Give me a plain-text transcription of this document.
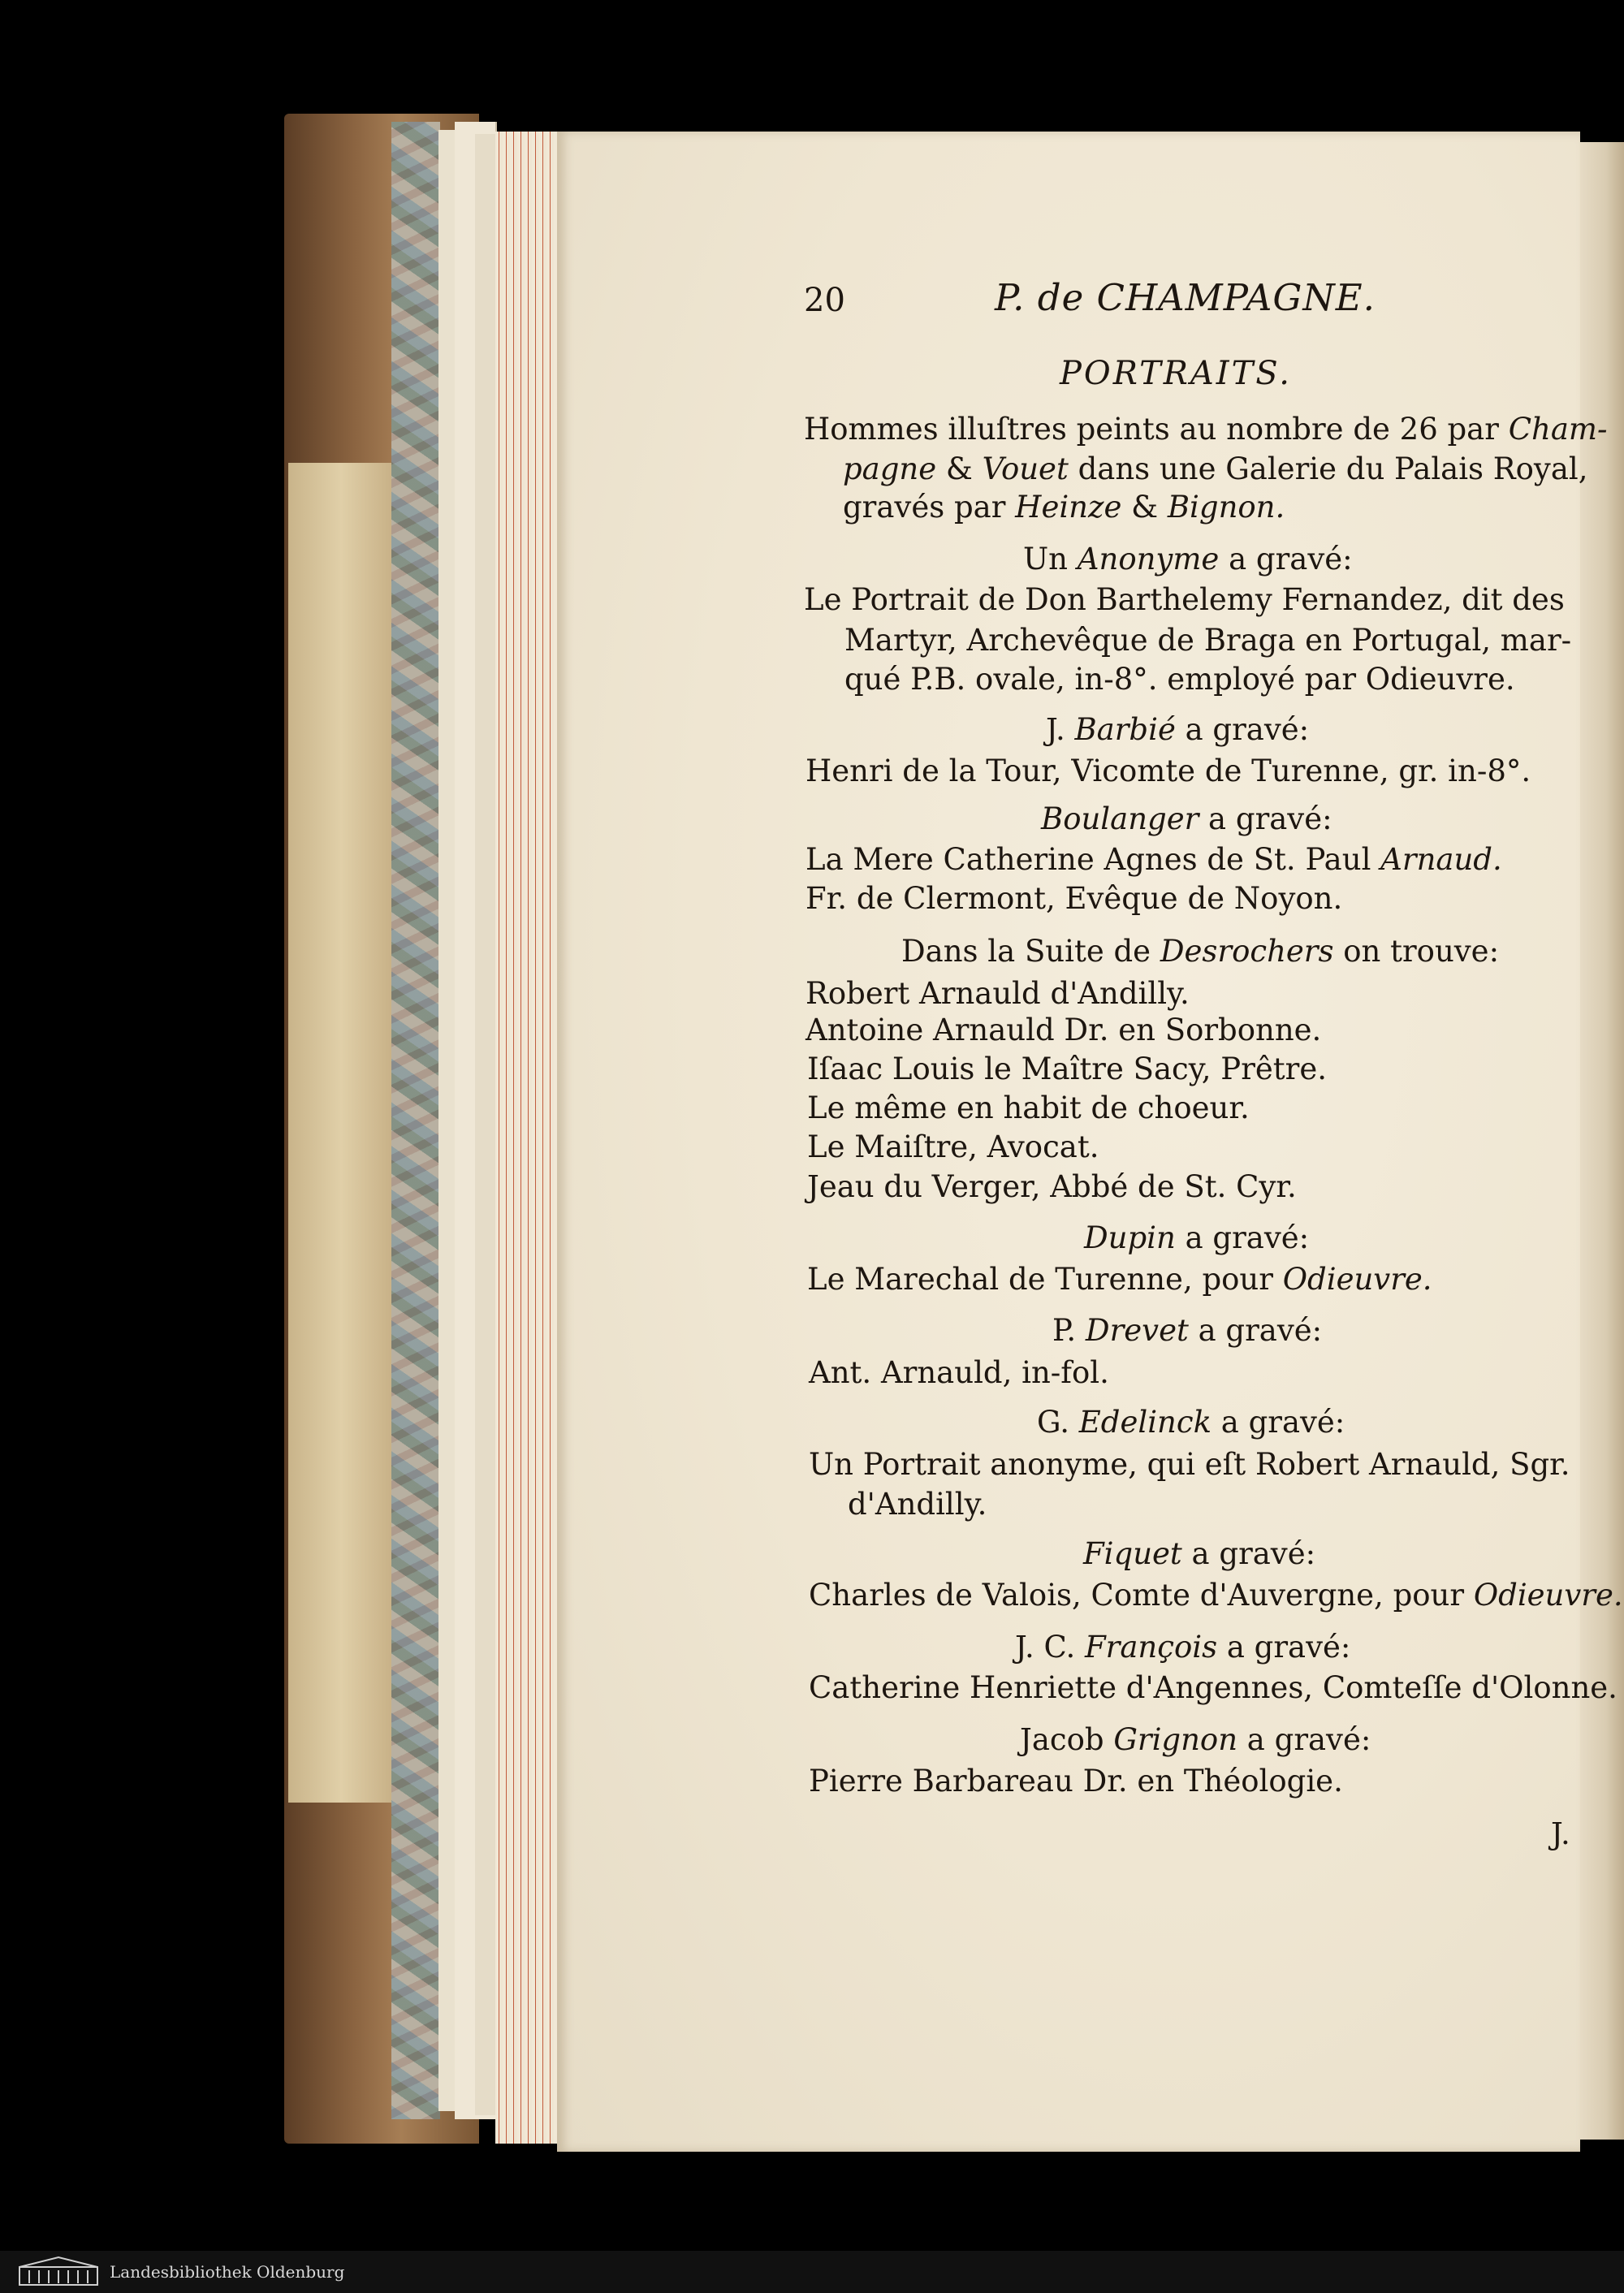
20	P. de CHAMPAGNE.
PORTRAITS.
Hommes illuſtres peints au nombre de 26 par Cham-
pagne & Vouet dans une Galerie du Palais Royal,
gravés par Heinze & Bignon.
Un Anonyme a gravé:
Le Portrait de Don Barthelemy Fernandez, dit des
Martyr, Archevêque de Braga en Portugal, mar-
qué P.B. ovale, in-8°. employé par Odieuvre.
J. Barbié a gravé:
Henri de la Tour, Vicomte de Turenne, gr. in-8°.
Boulanger a gravé:
La Mere Catherine Agnes de St. Paul Arnaud.
Fr. de Clermont, Evêque de Noyon.
Dans la Suite de Desrochers on trouve:
Robert Arnauld d'Andilly.
Antoine Arnauld Dr. en Sorbonne.
Iſaac Louis le Maître Sacy, Prêtre.
Le même en habit de choeur.
Le Maiſtre, Avocat.
Jeau du Verger, Abbé de St. Cyr.
Dupin a gravé:
Le Marechal de Turenne, pour Odieuvre.
P. Drevet a gravé:
Ant. Arnauld, in-fol.
G. Edelinck a gravé:
Un Portrait anonyme, qui eſt Robert Arnauld, Sgr.
d'Andilly.
Fiquet a gravé:
Charles de Valois, Comte d'Auvergne, pour Odieuvre.
J. C. François a gravé:
Catherine Henriette d'Angennes, Comteſſe d'Olonne.
Jacob Grignon a gravé:
Pierre Barbareau Dr. en Théologie.
J.
Landesbibliothek Oldenburg
